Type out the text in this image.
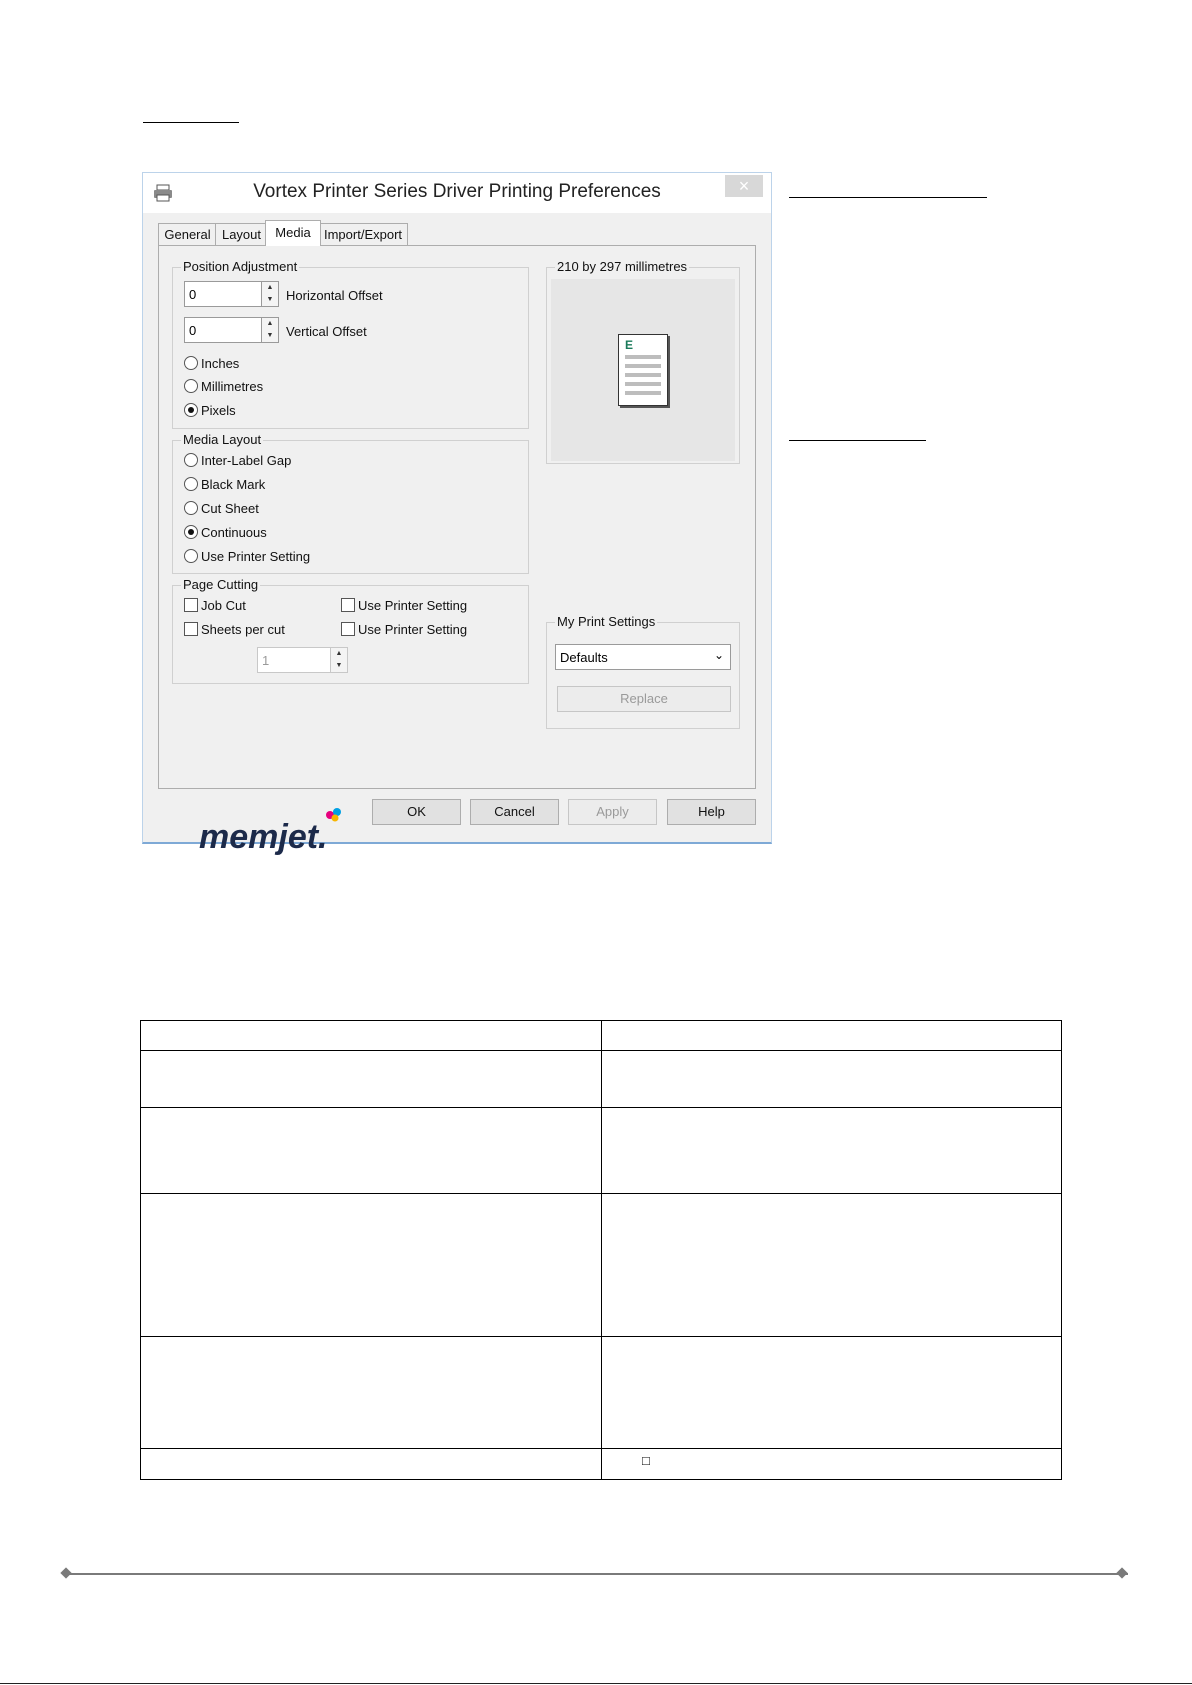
Vortex Printer Series Driver Printing Preferences	×
General Layout	Media	Import/Export
Position Adjustment
0	▲
▼ Horizontal Offset
0	▲
▼ Vertical Offset
Inches
Millimetres
Pixels
Media Layout
Inter-Label Gap
Black Mark
Cut Sheet
Continuous
Use Printer Setting
Page Cutting
Job Cut	Use Printer Setting
Sheets per cut	Use Printer Setting
1	▲
▼
210 by 297 millimetres
E
My Print Settings
Defaults	⌄
Replace
memjet.
OK	Cancel	Apply	Help

	□
